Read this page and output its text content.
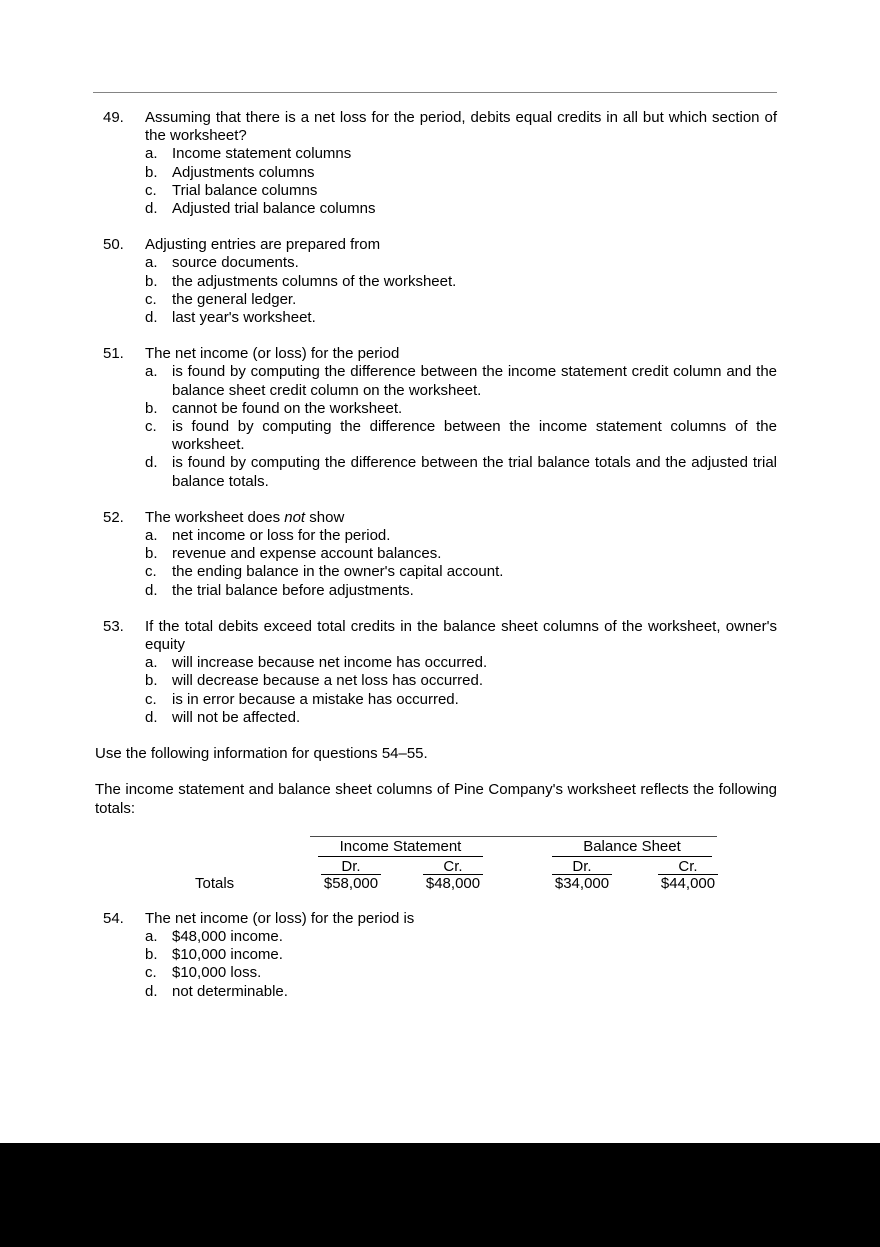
49.	Assuming that there is a net loss for the period, debits equal credits in all but which section of the worksheet?

a. Income statement columns
b. Adjustments columns
c.	Trial balance columns
d. Adjusted trial balance columns
50.	Adjusting entries are prepared from

a. source documents.
b. the adjustments columns of the worksheet.
c.	the general ledger.
d. last year's worksheet.
51.	The net income (or loss) for the period

a. is found by computing the difference between the income statement credit column and the balance sheet credit column on the worksheet.
b. cannot be found on the worksheet.
c.	is found by computing the difference between the income statement columns of the worksheet.
d. is found by computing the difference between the trial balance totals and the adjusted trial balance totals.
52.	The worksheet does not show

a. net income or loss for the period.
b. revenue and expense account balances.
c.	the ending balance in the owner's capital account.
d. the trial balance before adjustments.
53.	If the total debits exceed total credits in the balance sheet columns of the worksheet, owner's equity

a. will increase because net income has occurred.
b. will decrease because a net loss has occurred.
c.	is in error because a mistake has occurred.
d. will not be affected.

Use the following information for questions 54–55.

The income statement and balance sheet columns of Pine Company's worksheet reflects the following totals:

Income Statement	Balance Sheet
Dr.	Cr.	Dr.	Cr.
Totals	$58,000	$48,000	$34,000	$44,000
54.	The net income (or loss) for the period is

a. $48,000 income.
b. $10,000 income.
c.	$10,000 loss.
d. not determinable.
